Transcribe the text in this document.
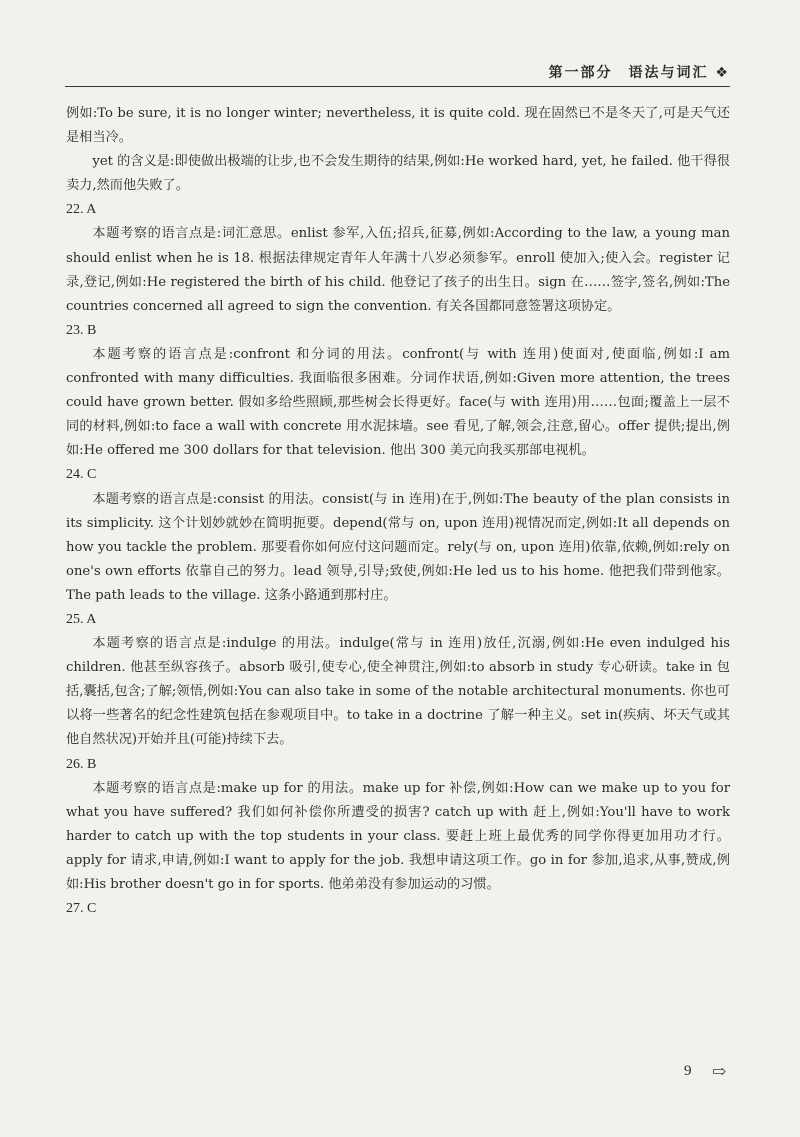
第一部分　语法与词汇 ❖

例如:To be sure, it is no longer winter; nevertheless, it is quite cold. 现在固然已不是冬天了,可是天气还是相当冷。

yet 的含义是:即使做出极端的让步,也不会发生期待的结果,例如:He worked hard, yet, he failed. 他干得很卖力,然而他失败了。

22. A

本题考察的语言点是:词汇意思。enlist 参军,入伍;招兵,征募,例如:According to the law, a young man should enlist when he is 18. 根据法律规定青年人年满十八岁必须参军。enroll 使加入;使入会。register 记录,登记,例如:He registered the birth of his child. 他登记了孩子的出生日。sign 在……签字,签名,例如:The countries concerned all agreed to sign the convention. 有关各国都同意签署这项协定。

23. B

本题考察的语言点是:confront 和分词的用法。confront(与 with 连用)使面对,使面临,例如:I am confronted with many difficulties. 我面临很多困难。分词作状语,例如:Given more attention, the trees could have grown better. 假如多给些照顾,那些树会长得更好。face(与 with 连用)用……包面;覆盖上一层不同的材料,例如:to face a wall with concrete 用水泥抹墙。see 看见,了解,领会,注意,留心。offer 提供;提出,例如:He offered me 300 dollars for that television. 他出 300 美元向我买那部电视机。

24. C

本题考察的语言点是:consist 的用法。consist(与 in 连用)在于,例如:The beauty of the plan consists in its simplicity. 这个计划妙就妙在简明扼要。depend(常与 on, upon 连用)视情况而定,例如:It all depends on how you tackle the problem. 那要看你如何应付这问题而定。rely(与 on, upon 连用)依靠,依赖,例如:rely on one's own efforts 依靠自己的努力。lead 领导,引导;致使,例如:He led us to his home. 他把我们带到他家。The path leads to the village. 这条小路通到那村庄。

25. A

本题考察的语言点是:indulge 的用法。indulge(常与 in 连用)放任,沉溺,例如:He even indulged his children. 他甚至纵容孩子。absorb 吸引,使专心,使全神贯注,例如:to absorb in study 专心研读。take in 包括,囊括,包含;了解;领悟,例如:You can also take in some of the notable architectural monuments. 你也可以将一些著名的纪念性建筑包括在参观项目中。to take in a doctrine 了解一种主义。set in(疾病、坏天气或其他自然状况)开始并且(可能)持续下去。

26. B

本题考察的语言点是:make up for 的用法。make up for 补偿,例如:How can we make up to you for what you have suffered? 我们如何补偿你所遭受的损害? catch up with 赶上,例如:You'll have to work harder to catch up with the top students in your class. 要赶上班上最优秀的同学你得更加用功才行。apply for 请求,申请,例如:I want to apply for the job. 我想申请这项工作。go in for 参加,追求,从事,赞成,例如:His brother doesn't go in for sports. 他弟弟没有参加运动的习惯。

27. C

9 ⇨
